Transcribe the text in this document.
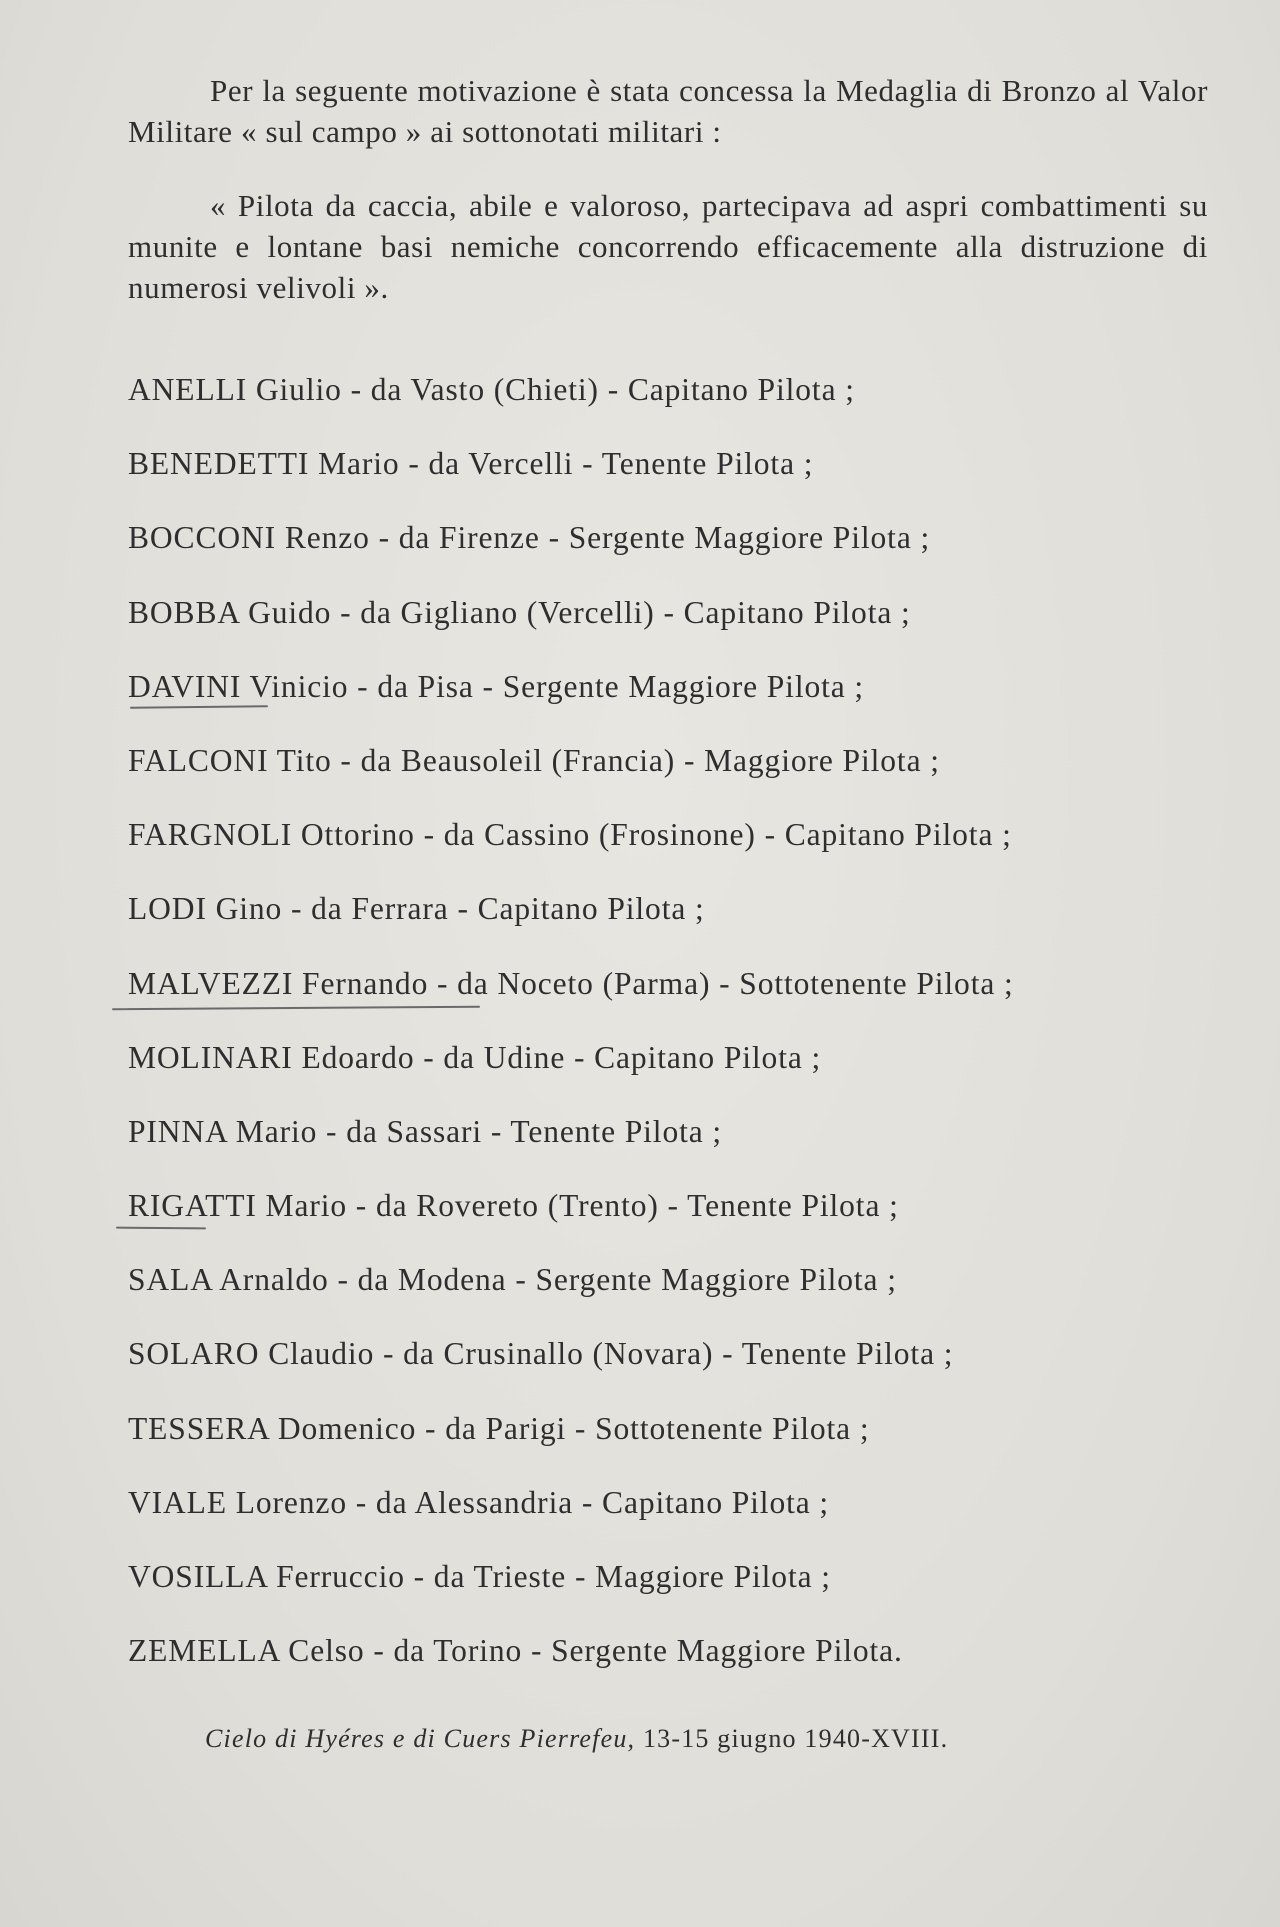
Per la seguente motivazione è stata concessa la Medaglia di Bronzo al Valor Militare « sul campo » ai sottonotati militari :

« Pilota da caccia, abile e valoroso, partecipava ad aspri combattimenti su munite e lontane basi nemiche concorrendo efficacemente alla distruzione di numerosi velivoli ».

ANELLI Giulio - da Vasto (Chieti) - Capitano Pilota ;
BENEDETTI Mario - da Vercelli - Tenente Pilota ;
BOCCONI Renzo - da Firenze - Sergente Maggiore Pilota ;
BOBBA Guido - da Gigliano (Vercelli) - Capitano Pilota ;
DAVINI Vinicio - da Pisa - Sergente Maggiore Pilota ;
FALCONI Tito - da Beausoleil (Francia) - Maggiore Pilota ;
FARGNOLI Ottorino - da Cassino (Frosinone) - Capitano Pilota ;
LODI Gino - da Ferrara - Capitano Pilota ;
MALVEZZI Fernando - da Noceto (Parma) - Sottotenente Pilota ;
MOLINARI Edoardo - da Udine - Capitano Pilota ;
PINNA Mario - da Sassari - Tenente Pilota ;
RIGATTI Mario - da Rovereto (Trento) - Tenente Pilota ;
SALA Arnaldo - da Modena - Sergente Maggiore Pilota ;
SOLARO Claudio - da Crusinallo (Novara) - Tenente Pilota ;
TESSERA Domenico - da Parigi - Sottotenente Pilota ;
VIALE Lorenzo - da Alessandria - Capitano Pilota ;
VOSILLA Ferruccio - da Trieste - Maggiore Pilota ;
ZEMELLA Celso - da Torino - Sergente Maggiore Pilota.
Cielo di Hyéres e di Cuers Pierrefeu, 13-15 giugno 1940-XVIII.
